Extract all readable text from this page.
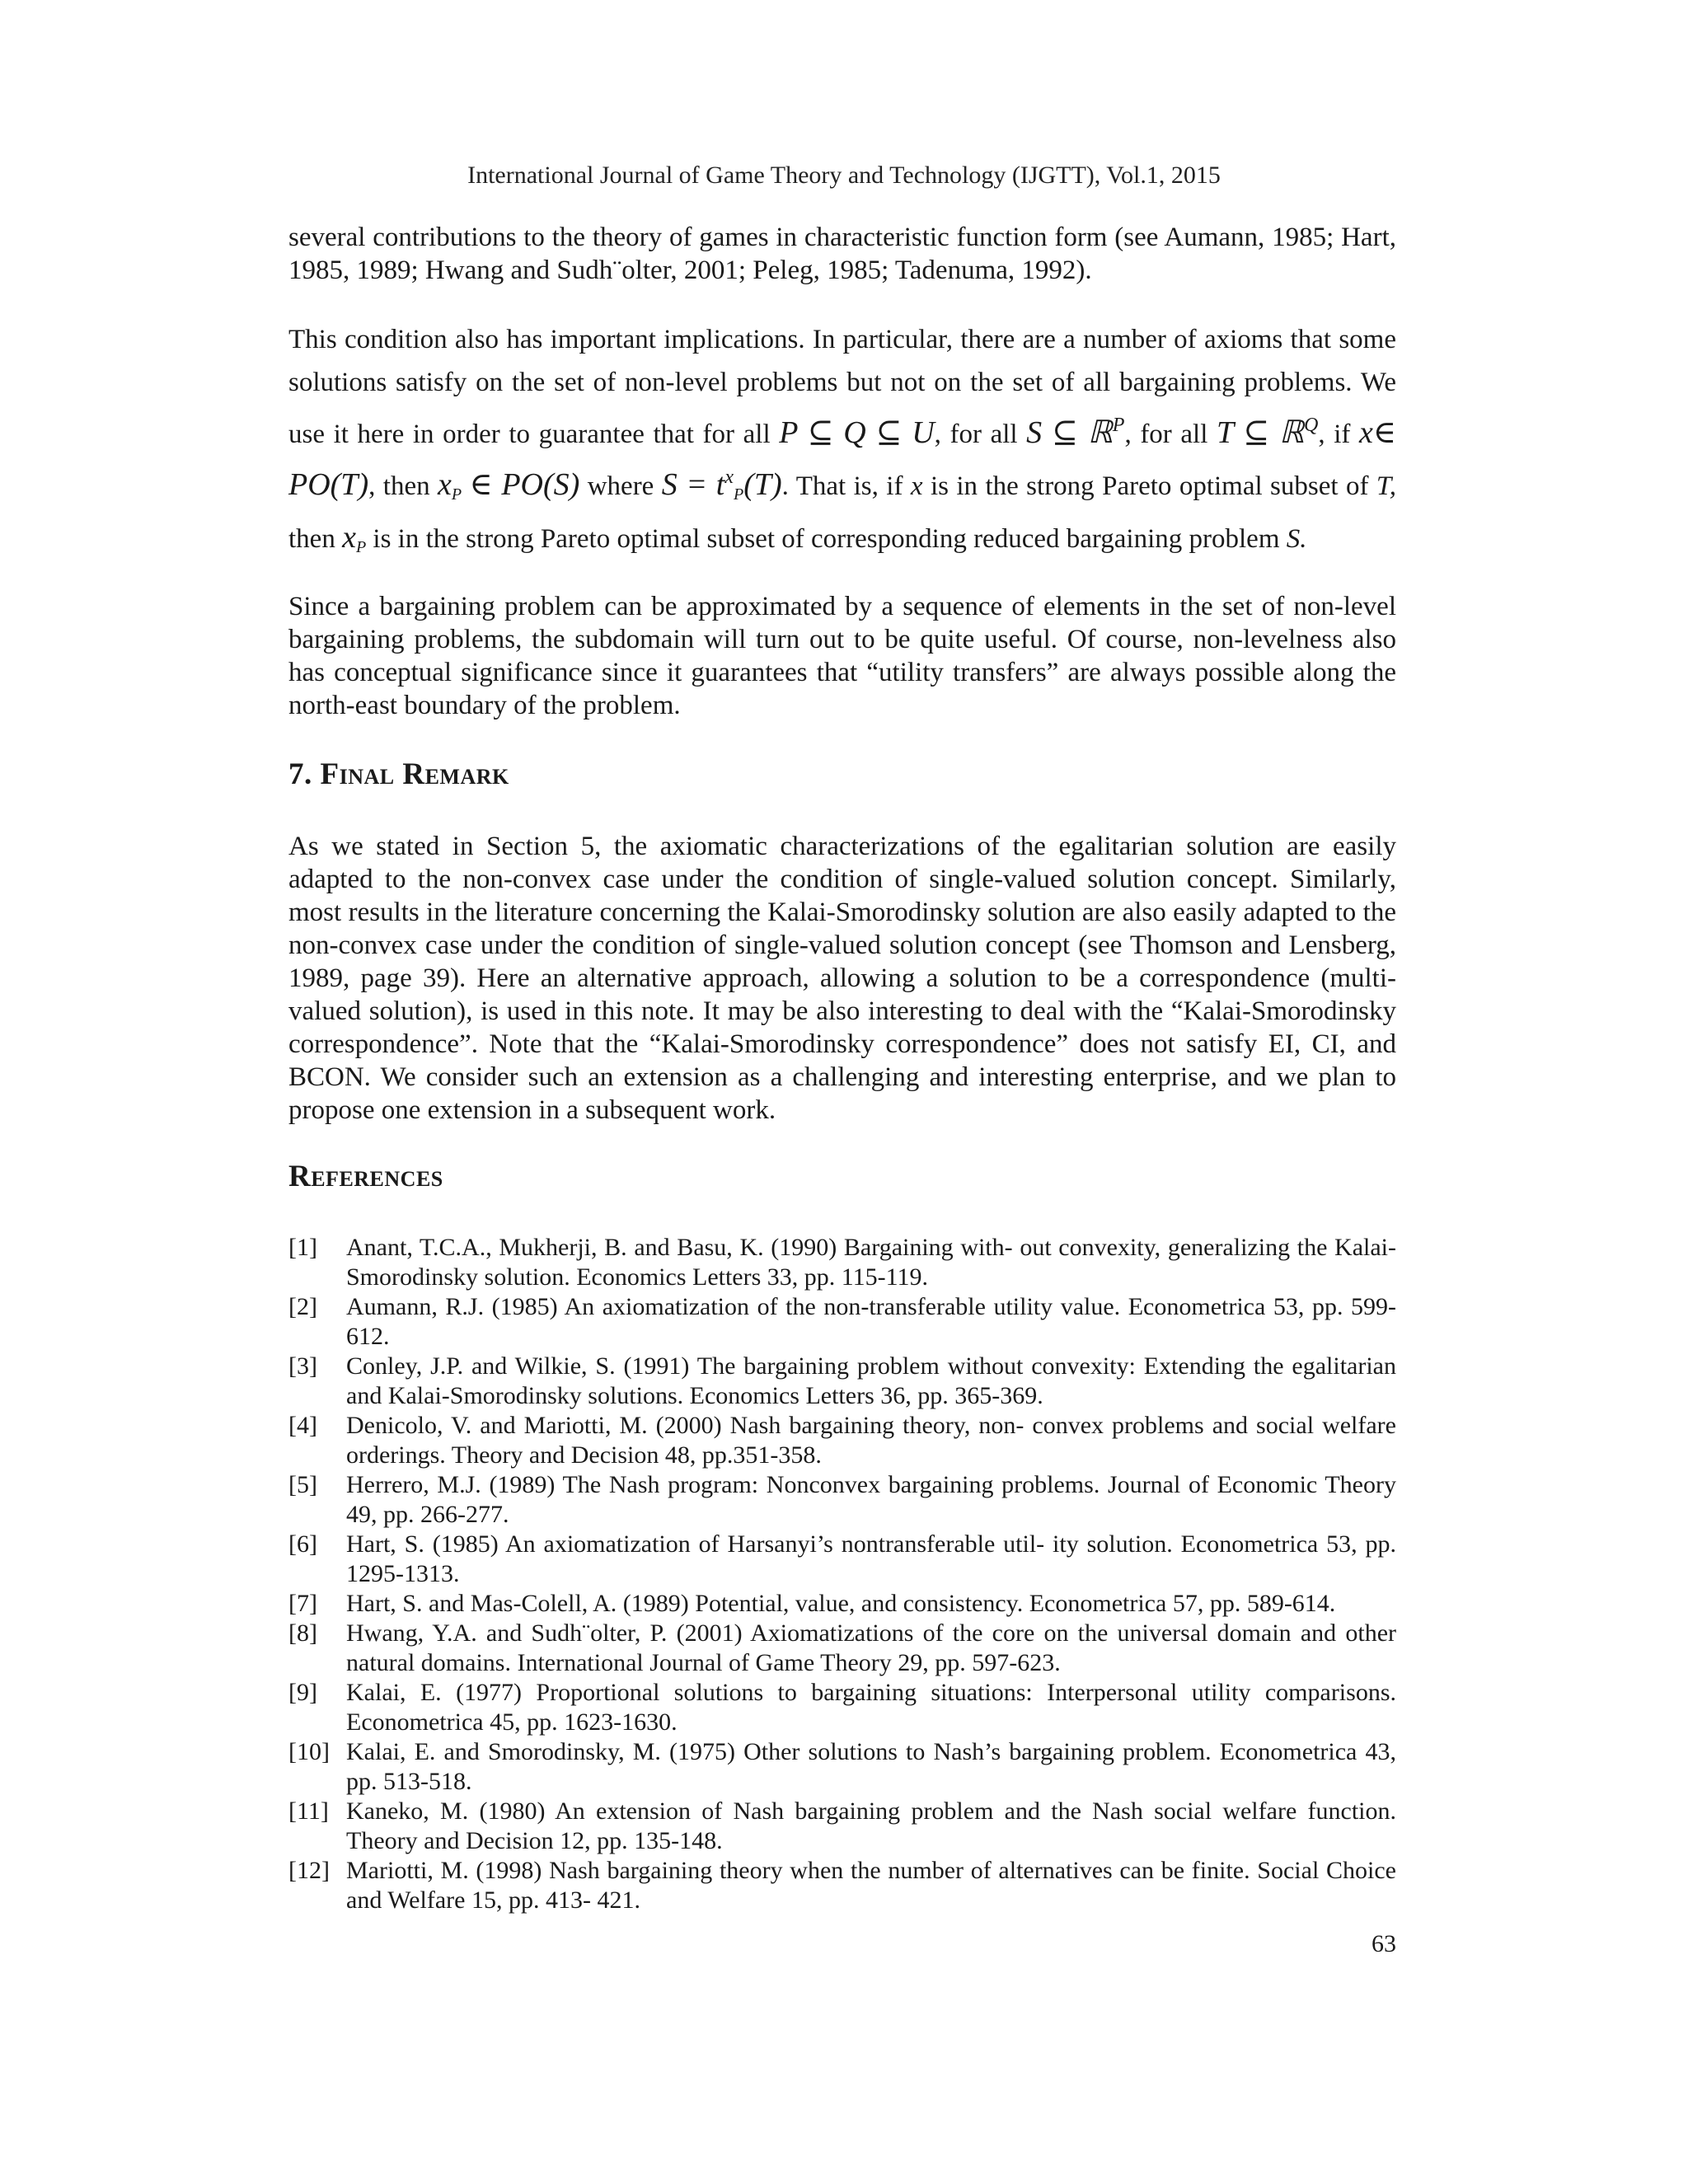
International Journal of Game Theory and Technology (IJGTT), Vol.1, 2015

several contributions to the theory of games in characteristic function form (see Aumann, 1985; Hart, 1985, 1989; Hwang and Sudh¨olter, 2001; Peleg, 1985; Tadenuma, 1992).

This condition also has important implications. In particular, there are a number of axioms that some solutions satisfy on the set of non-level problems but not on the set of all bargaining problems. We use it here in order to guarantee that for all P ⊆ Q ⊆ U, for all S ⊆ ℝ$^P$, for all T ⊆ ℝ$^Q$, if x∈ PO(T), then $x_P$ ∈ PO(S) where $S = t^x_P(T)$. That is, if x is in the strong Pareto optimal subset of T, then $x_P$ is in the strong Pareto optimal subset of corresponding reduced bargaining problem S.

Since a bargaining problem can be approximated by a sequence of elements in the set of non-level bargaining problems, the subdomain will turn out to be quite useful. Of course, non-levelness also has conceptual significance since it guarantees that “utility transfers” are always possible along the north-east boundary of the problem.

7. Final Remark

As we stated in Section 5, the axiomatic characterizations of the egalitarian solution are easily adapted to the non-convex case under the condition of single-valued solution concept. Similarly, most results in the literature concerning the Kalai-Smorodinsky solution are also easily adapted to the non-convex case under the condition of single-valued solution concept (see Thomson and Lensberg, 1989, page 39). Here an alternative approach, allowing a solution to be a correspondence (multi-valued solution), is used in this note. It may be also interesting to deal with the “Kalai-Smorodinsky correspondence”. Note that the “Kalai-Smorodinsky correspondence” does not satisfy EI, CI, and BCON. We consider such an extension as a challenging and interesting enterprise, and we plan to propose one extension in a subsequent work.

References
[1]	Anant, T.C.A., Mukherji, B. and Basu, K. (1990) Bargaining with- out convexity, generalizing the Kalai-Smorodinsky solution. Economics Letters 33, pp. 115-119.
[2]	Aumann, R.J. (1985) An axiomatization of the non-transferable utility value. Econometrica 53, pp. 599-612.
[3]	Conley, J.P. and Wilkie, S. (1991) The bargaining problem without convexity: Extending the egalitarian and Kalai-Smorodinsky solutions. Economics Letters 36, pp. 365-369.
[4]	Denicolo, V. and Mariotti, M. (2000) Nash bargaining theory, non- convex problems and social welfare orderings. Theory and Decision 48, pp.351-358.
[5]	Herrero, M.J. (1989) The Nash program: Nonconvex bargaining problems. Journal of Economic Theory 49, pp. 266-277.
[6]	Hart, S. (1985) An axiomatization of Harsanyi’s nontransferable util- ity solution. Econometrica 53, pp. 1295-1313.
[7]	Hart, S. and Mas-Colell, A. (1989) Potential, value, and consistency. Econometrica 57, pp. 589-614.
[8]	Hwang, Y.A. and Sudh¨olter, P. (2001) Axiomatizations of the core on the universal domain and other natural domains. International Journal of Game Theory 29, pp. 597-623.
[9]	Kalai, E. (1977) Proportional solutions to bargaining situations: Interpersonal utility comparisons. Econometrica 45, pp. 1623-1630.
[10] Kalai, E. and Smorodinsky, M. (1975) Other solutions to Nash’s bargaining problem. Econometrica 43, pp. 513-518.
[11] Kaneko, M. (1980) An extension of Nash bargaining problem and the Nash social welfare function. Theory and Decision 12, pp. 135-148.
[12] Mariotti, M. (1998) Nash bargaining theory when the number of alternatives can be finite. Social Choice and Welfare 15, pp. 413- 421.
63
